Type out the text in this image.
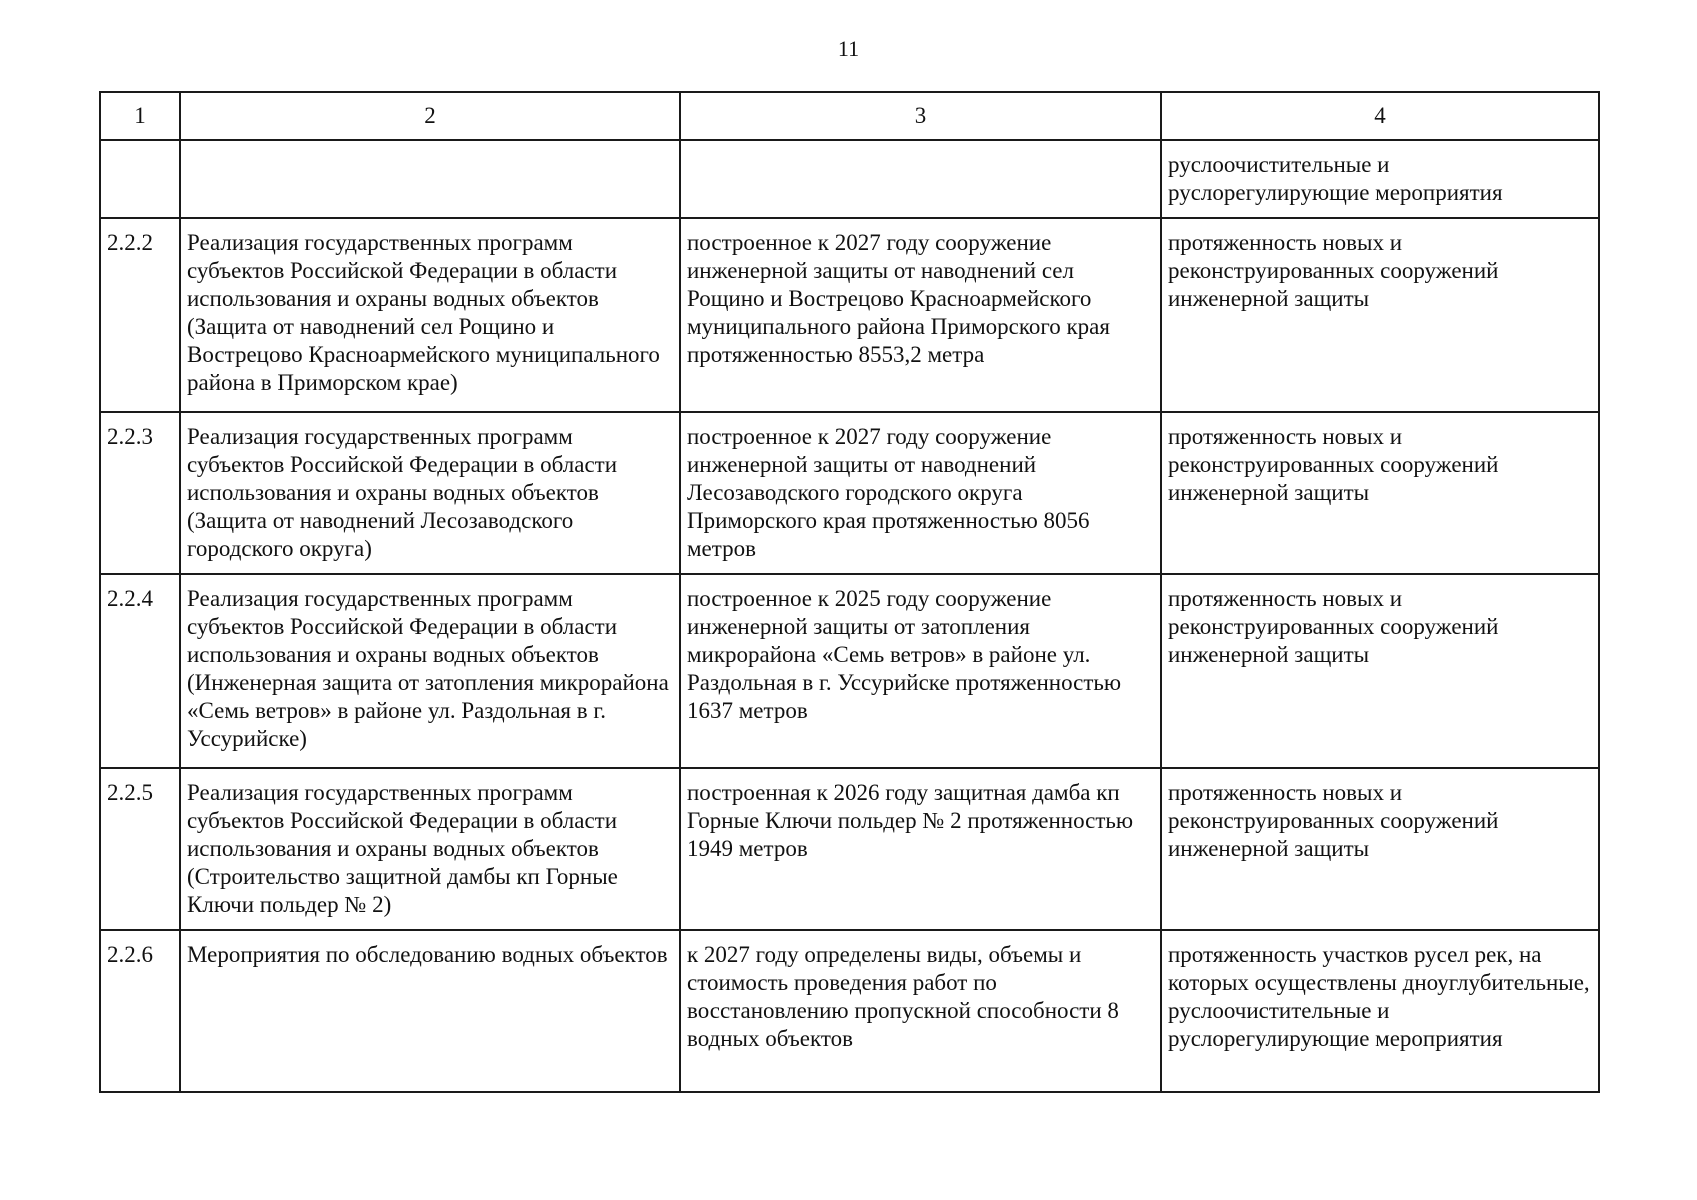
11
1	2	3	4
			руслоочистительные и руслорегулирующие мероприятия
2.2.2	Реализация государственных программ субъектов Российской Федерации в области использования и охраны водных объектов (Защита от наводнений сел Рощино и Вострецово Красноармейского муниципального района в Приморском крае)	построенное к 2027 году сооружение инженерной защиты от наводнений сел Рощино и Вострецово Красноармейского муниципального района Приморского края протяженностью 8553,2 метра	протяженность новых и реконструированных сооружений инженерной защиты
2.2.3	Реализация государственных программ субъектов Российской Федерации в области использования и охраны водных объектов (Защита от наводнений Лесозаводского городского округа)	построенное к 2027 году сооружение инженерной защиты от наводнений Лесозаводского городского округа Приморского края протяженностью 8056 метров	протяженность новых и реконструированных сооружений инженерной защиты
2.2.4	Реализация государственных программ субъектов Российской Федерации в области использования и охраны водных объектов (Инженерная защита от затопления микрорайона «Семь ветров» в районе ул. Раздольная в г. Уссурийске)	построенное к 2025 году сооружение инженерной защиты от затопления микрорайона «Семь ветров» в районе ул. Раздольная в г. Уссурийске протяженностью 1637 метров	протяженность новых и реконструированных сооружений инженерной защиты
2.2.5	Реализация государственных программ субъектов Российской Федерации в области использования и охраны водных объектов (Строительство защитной дамбы кп Горные Ключи польдер № 2)	построенная к 2026 году защитная дамба кп Горные Ключи польдер № 2 протяженностью 1949 метров	протяженность новых и реконструированных сооружений инженерной защиты
2.2.6	Мероприятия по обследованию водных объектов	к 2027 году определены виды, объемы и стоимость проведения работ по восстановлению пропускной способности 8 водных объектов	протяженность участков русел рек, на которых осуществлены дноуглубительные, руслоочистительные и руслорегулирующие мероприятия
